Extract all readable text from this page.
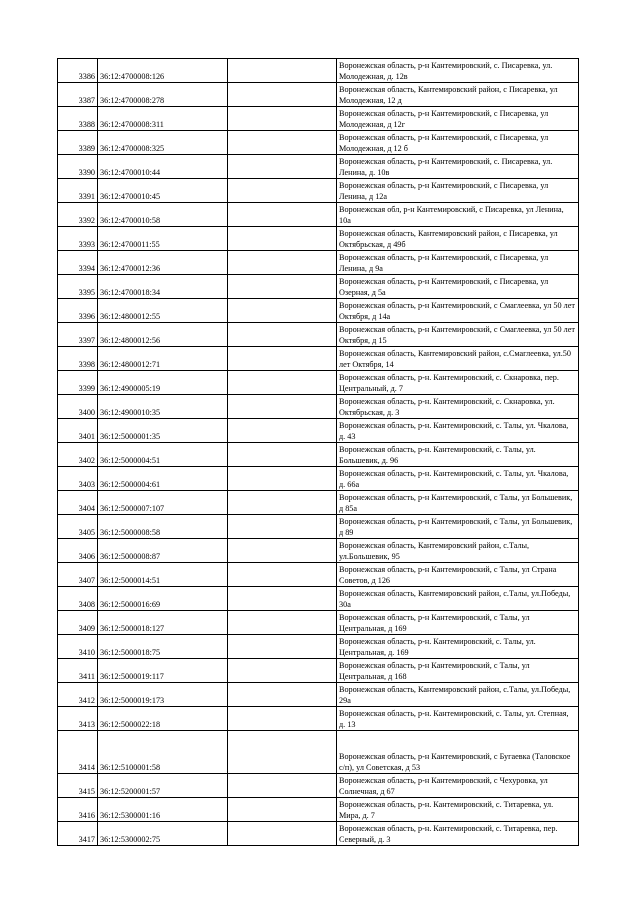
3386	36:12:4700008:126		Воронежская область, р-н Кантемировский, с. Писаревка, ул. Молодежная, д. 12в
3387	36:12:4700008:278		Воронежская область, Кантемировский район, с Писаревка, ул Молодежная, 12 д
3388	36:12:4700008:311		Воронежская область, р-н Кантемировский, с Писаревка, ул Молодежная, д 12г
3389	36:12:4700008:325		Воронежская область, р-н Кантемировский, с Писаревка, ул Молодежная, д 12 б
3390	36:12:4700010:44		Воронежская область, р-н Кантемировский, с. Писаревка, ул. Ленина, д. 10в
3391	36:12:4700010:45		Воронежская область, р-н Кантемировский, с Писаревка, ул Ленина, д 12а
3392	36:12:4700010:58		Воронежская обл, р-н Кантемировский, с Писаревка, ул Ленина, 10а
3393	36:12:4700011:55		Воронежская область, Кантемировский район, с Писаревка, ул Октябрьская, д 49б
3394	36:12:4700012:36		Воронежская область, р-н Кантемировский, с Писаревка, ул Ленина, д 9а
3395	36:12:4700018:34		Воронежская область, р-н Кантемировский, с Писаревка, ул Озерная, д 5а
3396	36:12:4800012:55		Воронежская область, р-н Кантемировский, с Смаглеевка, ул 50 лет Октября, д 14а
3397	36:12:4800012:56		Воронежская область, р-н Кантемировский, с Смаглеевка, ул 50 лет Октября, д 15
3398	36:12:4800012:71		Воронежская область, Кантемировский район, с.Смаглеевка, ул.50 лет Октября, 14
3399	36:12:4900005:19		Воронежская область, р-н. Кантемировский, с. Скнаровка, пер. Центральный, д. 7
3400	36:12:4900010:35		Воронежская область, р-н. Кантемировский, с. Скнаровка, ул. Октябрьская, д. 3
3401	36:12:5000001:35		Воронежская область, р-н. Кантемировский, с. Талы, ул. Чкалова, д. 43
3402	36:12:5000004:51		Воронежская область, р-н. Кантемировский, с. Талы, ул. Большевик, д. 96
3403	36:12:5000004:61		Воронежская область, р-н. Кантемировский, с. Талы, ул. Чкалова, д. 66а
3404	36:12:5000007:107		Воронежская область, р-н Кантемировский, с Талы, ул Большевик, д 85а
3405	36:12:5000008:58		Воронежская область, р-н Кантемировский, с Талы, ул Большевик, д 89
3406	36:12:5000008:87		Воронежская область, Кантемировский район, с.Талы, ул.Большевик, 95
3407	36:12:5000014:51		Воронежская область, р-н Кантемировский, с Талы, ул Страна Советов, д 126
3408	36:12:5000016:69		Воронежская область, Кантемировский район, с.Талы, ул.Победы, 30а
3409	36:12:5000018:127		Воронежская область, р-н Кантемировский, с Талы, ул Центральная, д 169
3410	36:12:5000018:75		Воронежская область, р-н. Кантемировский, с. Талы, ул. Центральная, д. 169
3411	36:12:5000019:117		Воронежская область, р-н Кантемировский, с Талы, ул Центральная, д 168
3412	36:12:5000019:173		Воронежская область, Кантемировский район, с.Талы, ул.Победы, 29а
3413	36:12:5000022:18		Воронежская область, р-н. Кантемировский, с. Талы, ул. Степная, д. 13
3414	36:12:5100001:58		Воронежская область, р-н Кантемировский, с Бугаевка (Таловское с/п), ул Советская, д 53
3415	36:12:5200001:57		Воронежская область, р-н Кантемировский, с Чехуровка, ул Солнечная, д 67
3416	36:12:5300001:16		Воронежская область, р-н. Кантемировский, с. Титаревка, ул. Мира, д. 7
3417	36:12:5300002:75		Воронежская область, р-н. Кантемировский, с. Титаревка, пер. Северный, д. 3
